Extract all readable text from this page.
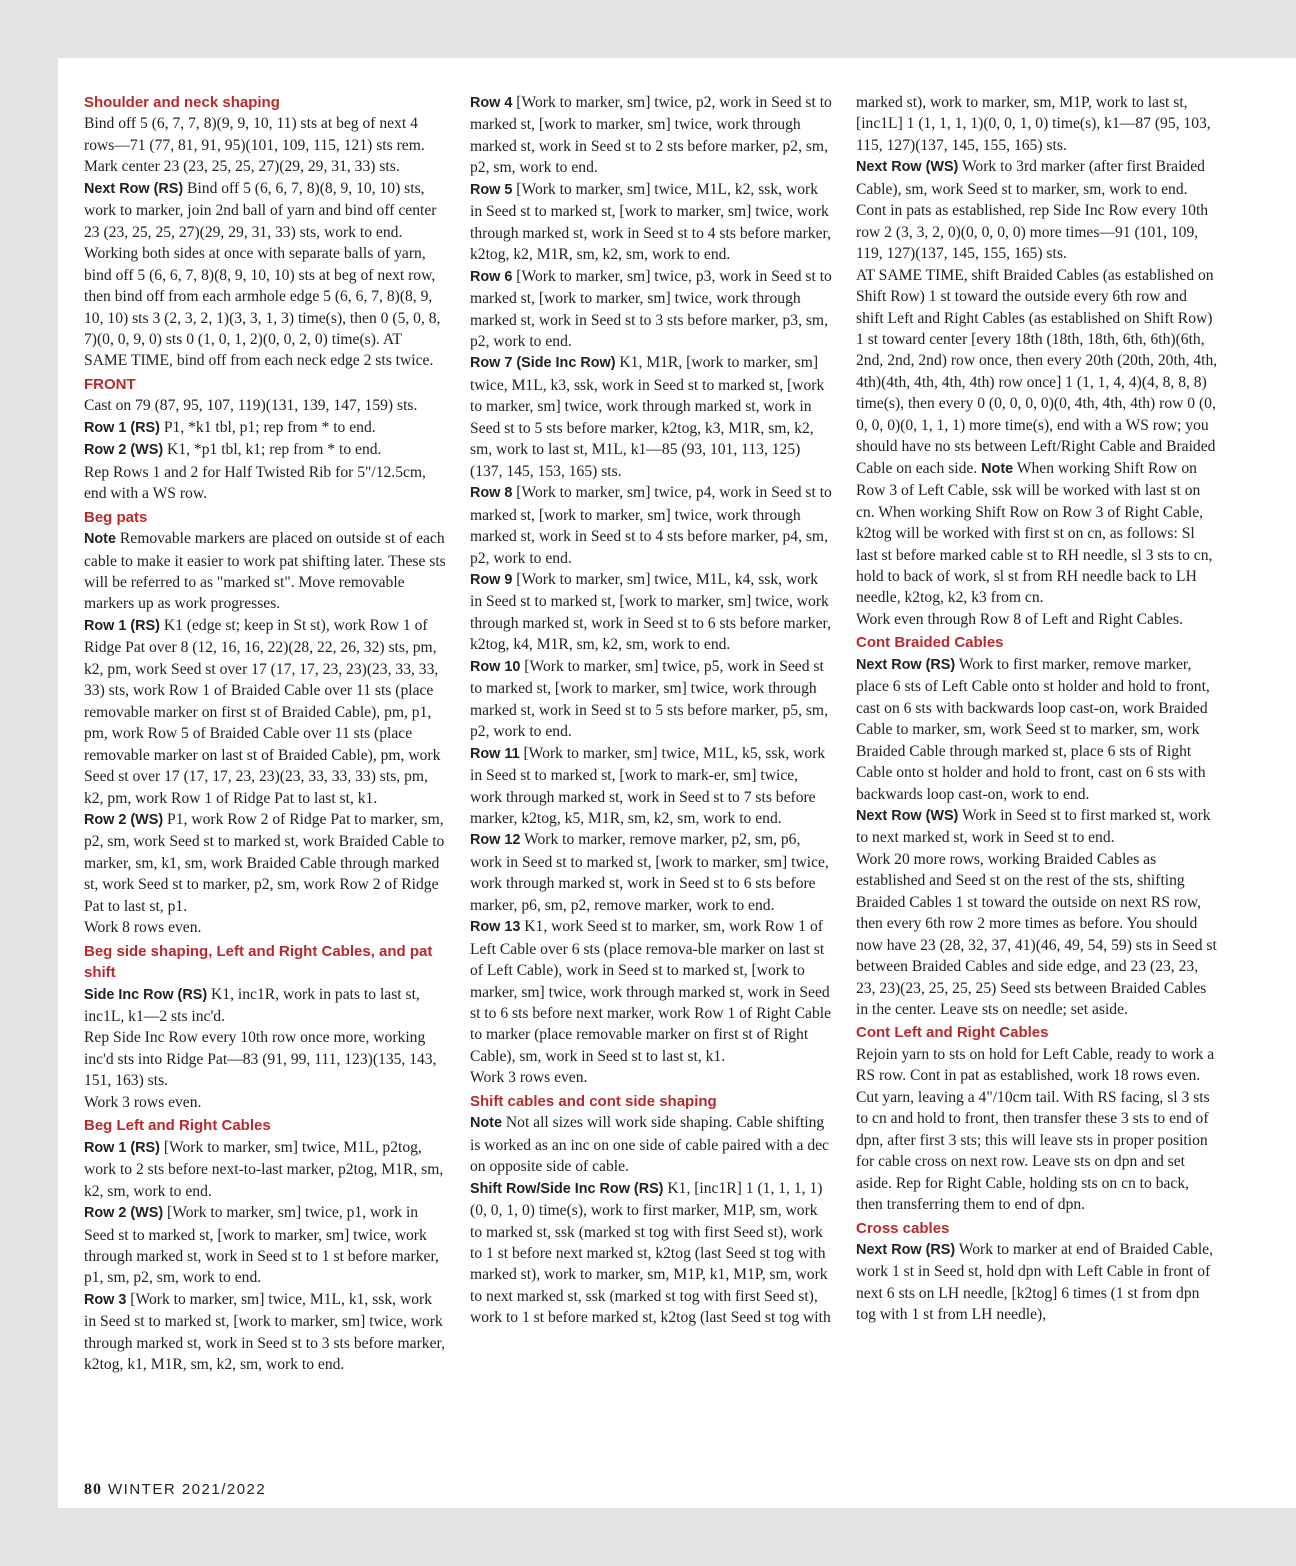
Shoulder and neck shaping

Bind off 5 (6, 7, 7, 8)(9, 9, 10, 11) sts at beg of next 4 rows—71 (77, 81, 91, 95)(101, 109, 115, 121) sts rem. Mark center 23 (23, 25, 25, 27)(29, 29, 31, 33) sts.

Next Row (RS) Bind off 5 (6, 6, 7, 8)(8, 9, 10, 10) sts, work to marker, join 2nd ball of yarn and bind off center 23 (23, 25, 25, 27)(29, 29, 31, 33) sts, work to end. Working both sides at once with separate balls of yarn, bind off 5 (6, 6, 7, 8)(8, 9, 10, 10) sts at beg of next row, then bind off from each armhole edge 5 (6, 6, 7, 8)(8, 9, 10, 10) sts 3 (2, 3, 2, 1)(3, 3, 1, 3) time(s), then 0 (5, 0, 8, 7)(0, 0, 9, 0) sts 0 (1, 0, 1, 2)(0, 0, 2, 0) time(s). AT SAME TIME, bind off from each neck edge 2 sts twice.

FRONT

Cast on 79 (87, 95, 107, 119)(131, 139, 147, 159) sts.

Row 1 (RS) P1, *k1 tbl, p1; rep from * to end.

Row 2 (WS) K1, *p1 tbl, k1; rep from * to end.

Rep Rows 1 and 2 for Half Twisted Rib for 5"/12.5cm, end with a WS row.

Beg pats

Note Removable markers are placed on outside st of each cable to make it easier to work pat shifting later. These sts will be referred to as "marked st". Move removable markers up as work progresses.

Row 1 (RS) K1 (edge st; keep in St st), work Row 1 of Ridge Pat over 8 (12, 16, 16, 22)(28, 22, 26, 32) sts, pm, k2, pm, work Seed st over 17 (17, 17, 23, 23)(23, 33, 33, 33) sts, work Row 1 of Braided Cable over 11 sts (place removable marker on first st of Braided Cable), pm, p1, pm, work Row 5 of Braided Cable over 11 sts (place removable marker on last st of Braided Cable), pm, work Seed st over 17 (17, 17, 23, 23)(23, 33, 33, 33) sts, pm, k2, pm, work Row 1 of Ridge Pat to last st, k1.

Row 2 (WS) P1, work Row 2 of Ridge Pat to marker, sm, p2, sm, work Seed st to marked st, work Braided Cable to marker, sm, k1, sm, work Braided Cable through marked st, work Seed st to marker, p2, sm, work Row 2 of Ridge Pat to last st, p1.

Work 8 rows even.

Beg side shaping, Left and Right Cables, and pat shift

Side Inc Row (RS) K1, inc1R, work in pats to last st, inc1L, k1—2 sts inc'd.

Rep Side Inc Row every 10th row once more, working inc'd sts into Ridge Pat—83 (91, 99, 111, 123)(135, 143, 151, 163) sts.

Work 3 rows even.

Beg Left and Right Cables

Row 1 (RS) [Work to marker, sm] twice, M1L, p2tog, work to 2 sts before next-to-last marker, p2tog, M1R, sm, k2, sm, work to end.

Row 2 (WS) [Work to marker, sm] twice, p1, work in Seed st to marked st, [work to marker, sm] twice, work through marked st, work in Seed st to 1 st before marker, p1, sm, p2, sm, work to end.

Row 3 [Work to marker, sm] twice, M1L, k1, ssk, work in Seed st to marked st, [work to marker, sm] twice, work through marked st, work in Seed st to 3 sts before marker, k2tog, k1, M1R, sm, k2, sm, work to end.

Row 4 [Work to marker, sm] twice, p2, work in Seed st to marked st, [work to marker, sm] twice, work through marked st, work in Seed st to 2 sts before marker, p2, sm, p2, sm, work to end.

Row 5 [Work to marker, sm] twice, M1L, k2, ssk, work in Seed st to marked st, [work to marker, sm] twice, work through marked st, work in Seed st to 4 sts before marker, k2tog, k2, M1R, sm, k2, sm, work to end.

Row 6 [Work to marker, sm] twice, p3, work in Seed st to marked st, [work to marker, sm] twice, work through marked st, work in Seed st to 3 sts before marker, p3, sm, p2, work to end.

Row 7 (Side Inc Row) K1, M1R, [work to marker, sm] twice, M1L, k3, ssk, work in Seed st to marked st, [work to marker, sm] twice, work through marked st, work in Seed st to 5 sts before marker, k2tog, k3, M1R, sm, k2, sm, work to last st, M1L, k1—85 (93, 101, 113, 125)(137, 145, 153, 165) sts.

Row 8 [Work to marker, sm] twice, p4, work in Seed st to marked st, [work to marker, sm] twice, work through marked st, work in Seed st to 4 sts before marker, p4, sm, p2, work to end.

Row 9 [Work to marker, sm] twice, M1L, k4, ssk, work in Seed st to marked st, [work to marker, sm] twice, work through marked st, work in Seed st to 6 sts before marker, k2tog, k4, M1R, sm, k2, sm, work to end.

Row 10 [Work to marker, sm] twice, p5, work in Seed st to marked st, [work to marker, sm] twice, work through marked st, work in Seed st to 5 sts before marker, p5, sm, p2, work to end.

Row 11 [Work to marker, sm] twice, M1L, k5, ssk, work in Seed st to marked st, [work to mark-er, sm] twice, work through marked st, work in Seed st to 7 sts before marker, k2tog, k5, M1R, sm, k2, sm, work to end.

Row 12 Work to marker, remove marker, p2, sm, p6, work in Seed st to marked st, [work to marker, sm] twice, work through marked st, work in Seed st to 6 sts before marker, p6, sm, p2, remove marker, work to end.

Row 13 K1, work Seed st to marker, sm, work Row 1 of Left Cable over 6 sts (place remova-ble marker on last st of Left Cable), work in Seed st to marked st, [work to marker, sm] twice, work through marked st, work in Seed st to 6 sts before next marker, work Row 1 of Right Cable to marker (place removable marker on first st of Right Cable), sm, work in Seed st to last st, k1.

Work 3 rows even.

Shift cables and cont side shaping

Note Not all sizes will work side shaping. Cable shifting is worked as an inc on one side of cable paired with a dec on opposite side of cable.

Shift Row/Side Inc Row (RS) K1, [inc1R] 1 (1, 1, 1, 1)(0, 0, 1, 0) time(s), work to first marker, M1P, sm, work to marked st, ssk (marked st tog with first Seed st), work to 1 st before next marked st, k2tog (last Seed st tog with marked st), work to marker, sm, M1P, k1, M1P, sm, work to next marked st, ssk (marked st tog with first Seed st), work to 1 st before marked st, k2tog (last Seed st tog with

marked st), work to marker, sm, M1P, work to last st, [inc1L] 1 (1, 1, 1, 1)(0, 0, 1, 0) time(s), k1—87 (95, 103, 115, 127)(137, 145, 155, 165) sts.

Next Row (WS) Work to 3rd marker (after first Braided Cable), sm, work Seed st to marker, sm, work to end.

Cont in pats as established, rep Side Inc Row every 10th row 2 (3, 3, 2, 0)(0, 0, 0, 0) more times—91 (101, 109, 119, 127)(137, 145, 155, 165) sts.

AT SAME TIME, shift Braided Cables (as established on Shift Row) 1 st toward the outside every 6th row and shift Left and Right Cables (as established on Shift Row) 1 st toward center [every 18th (18th, 18th, 6th, 6th)(6th, 2nd, 2nd, 2nd) row once, then every 20th (20th, 20th, 4th, 4th)(4th, 4th, 4th, 4th) row once] 1 (1, 1, 4, 4)(4, 8, 8, 8) time(s), then every 0 (0, 0, 0, 0)(0, 4th, 4th, 4th) row 0 (0, 0, 0, 0)(0, 1, 1, 1) more time(s), end with a WS row; you should have no sts between Left/Right Cable and Braided Cable on each side. Note When working Shift Row on Row 3 of Left Cable, ssk will be worked with last st on cn. When working Shift Row on Row 3 of Right Cable, k2tog will be worked with first st on cn, as follows: Sl last st before marked cable st to RH needle, sl 3 sts to cn, hold to back of work, sl st from RH needle back to LH needle, k2tog, k2, k3 from cn.

Work even through Row 8 of Left and Right Cables.

Cont Braided Cables

Next Row (RS) Work to first marker, remove marker, place 6 sts of Left Cable onto st holder and hold to front, cast on 6 sts with backwards loop cast-on, work Braided Cable to marker, sm, work Seed st to marker, sm, work Braided Cable through marked st, place 6 sts of Right Cable onto st holder and hold to front, cast on 6 sts with backwards loop cast-on, work to end.

Next Row (WS) Work in Seed st to first marked st, work to next marked st, work in Seed st to end.

Work 20 more rows, working Braided Cables as established and Seed st on the rest of the sts, shifting Braided Cables 1 st toward the outside on next RS row, then every 6th row 2 more times as before. You should now have 23 (28, 32, 37, 41)(46, 49, 54, 59) sts in Seed st between Braided Cables and side edge, and 23 (23, 23, 23, 23)(23, 25, 25, 25) Seed sts between Braided Cables in the center. Leave sts on needle; set aside.

Cont Left and Right Cables

Rejoin yarn to sts on hold for Left Cable, ready to work a RS row. Cont in pat as established, work 18 rows even. Cut yarn, leaving a 4"/10cm tail. With RS facing, sl 3 sts to cn and hold to front, then transfer these 3 sts to end of dpn, after first 3 sts; this will leave sts in proper position for cable cross on next row. Leave sts on dpn and set aside. Rep for Right Cable, holding sts on cn to back, then transferring them to end of dpn.

Cross cables

Next Row (RS) Work to marker at end of Braided Cable, work 1 st in Seed st, hold dpn with Left Cable in front of next 6 sts on LH needle, [k2tog] 6 times (1 st from dpn tog with 1 st from LH needle),

80 WINTER 2021/2022
